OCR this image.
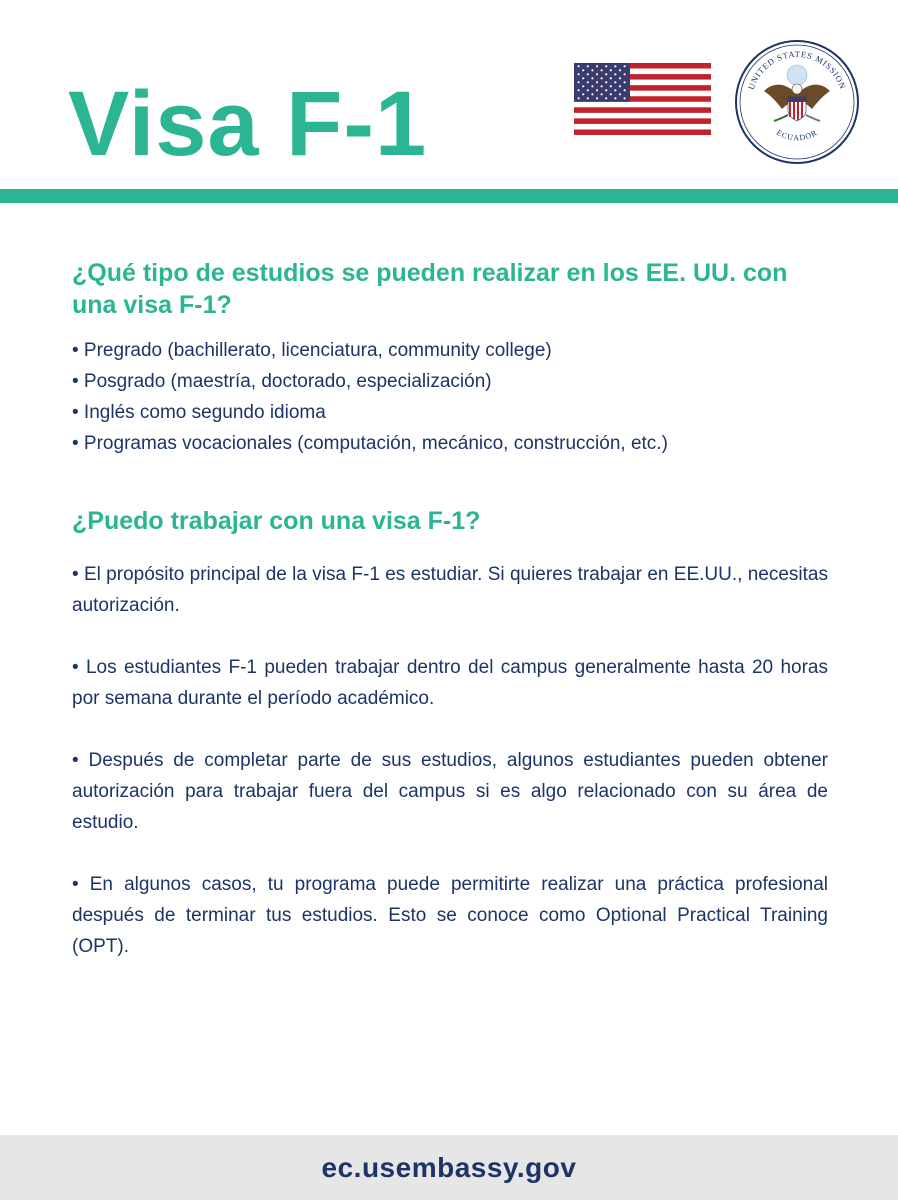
Visa F-1	UNITED STATES MISSION
ECUADOR
¿Qué tipo de estudios se pueden realizar en los EE. UU. con una visa F-1?
• Pregrado (bachillerato, licenciatura, community college)
• Posgrado (maestría, doctorado, especialización)
• Inglés como segundo idioma
• Programas vocacionales (computación, mecánico, construcción, etc.)
¿Puedo trabajar con una visa F-1?

• El propósito principal de la visa F-1 es estudiar. Si quieres trabajar en EE.UU., necesitas autorización.

• Los estudiantes F-1 pueden trabajar dentro del campus generalmente hasta 20 horas por semana durante el período académico.

• Después de completar parte de sus estudios, algunos estudiantes pueden obtener autorización para trabajar fuera del campus si es algo relacionado con su área de estudio.

• En algunos casos, tu programa puede permitirte realizar una práctica profesional después de terminar tus estudios. Esto se conoce como Optional Practical Training (OPT).

ec.usembassy.gov
